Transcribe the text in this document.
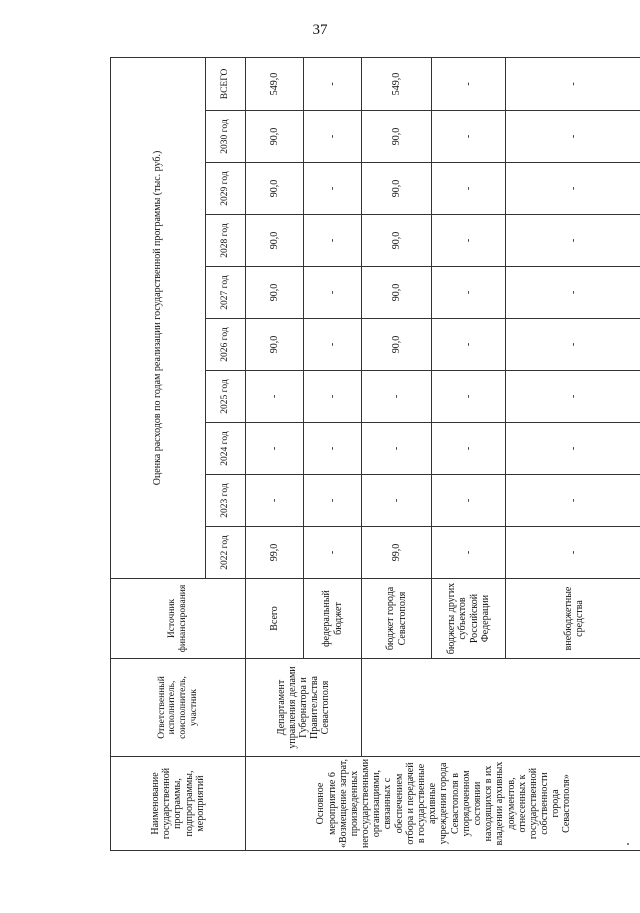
37
Наименование государственной программы, подпрограммы, мероприятий	Ответственный исполнитель, соисполнитель, участник	Источник финансирования	Оценка расходов по годам реализации государственной программы (тыс. руб.)									
			2022 год	2023 год	2024 год	2025 год	2026 год	2027 год	2028 год	2029 год	2030 год	ВСЕГО
Основное мероприятие 6 «Возмещение затрат, произведенных негосударственными организациями, связанных с обеспечением отбора и передачей в государственные архивные учреждения города Севастополя в упорядоченном состоянии находящихся в их владении архивных документов, отнесенных к государственной собственности города Севастополя»	Департамент управления делами Губернатора и Правительства Севастополя	Всего	99,0	-	-	-	90,0	90,0	90,0	90,0	90,0	549,0
		федеральный бюджет	-	-	-	-	-	-	-	-	-	-
		бюджет города Севастополя	99,0	-	-	-	90,0	90,0	90,0	90,0	90,0	549,0
		бюджеты других субъектов Российской Федерации	-	-	-	-	-	-	-	-	-	-
		внебюджетные средства	-	-	-	-	-	-	-	-	-	-
